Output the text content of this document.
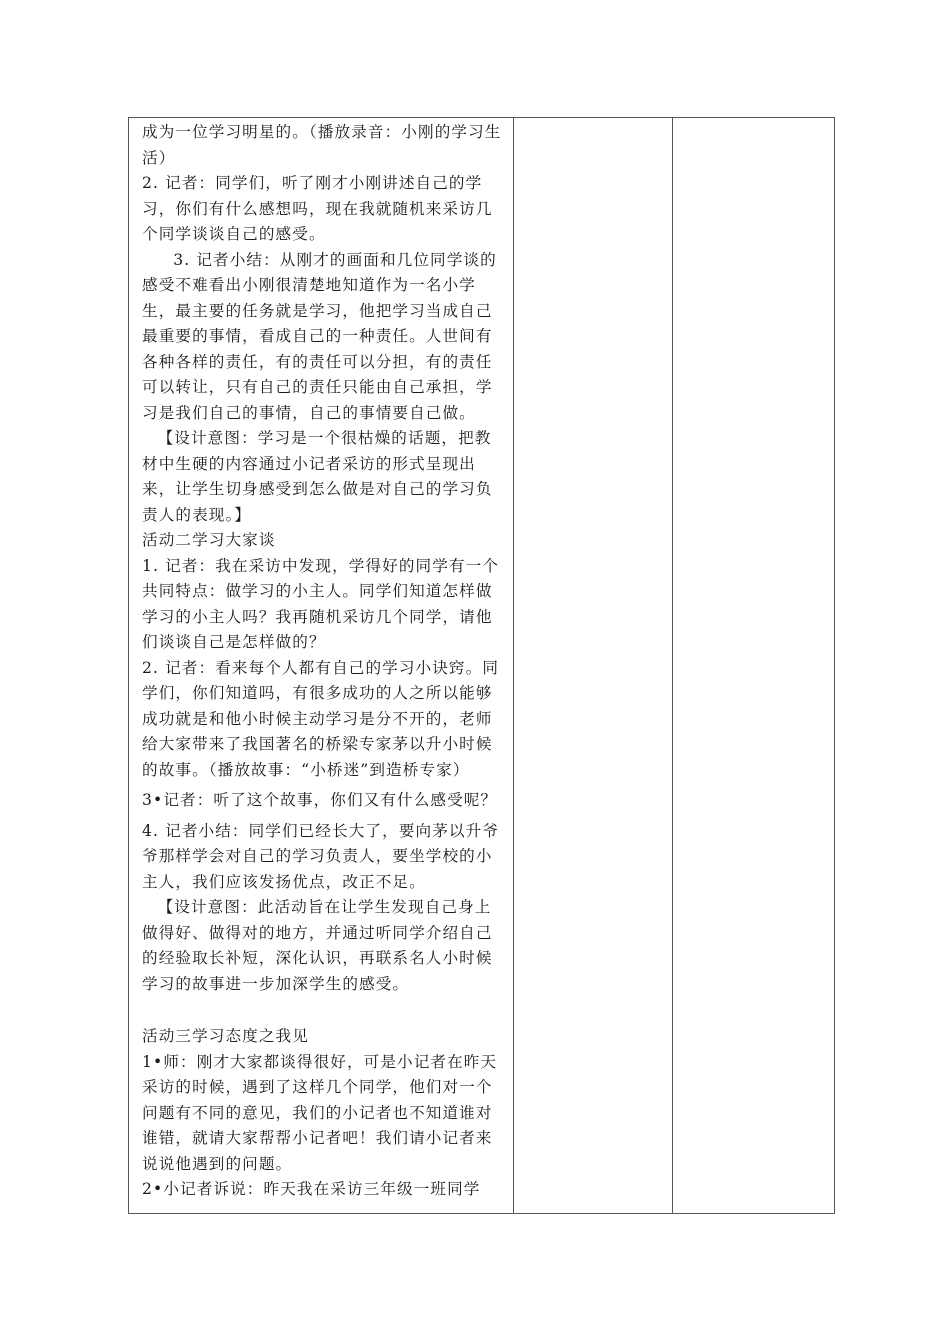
成为一位学习明星的。（播放录音：小刚的学习生活）

2. 记者：同学们，听了刚才小刚讲述自己的学习，你们有什么感想吗，现在我就随机来采访几个同学谈谈自己的感受。

3. 记者小结：从刚才的画面和几位同学谈的感受不难看出小刚很清楚地知道作为一名小学生，最主要的任务就是学习，他把学习当成自己最重要的事情，看成自己的一种责任。人世间有各种各样的责任，有的责任可以分担，有的责任可以转让，只有自己的责任只能由自己承担，学习是我们自己的事情，自己的事情要自己做。

【设计意图：学习是一个很枯燥的话题，把教材中生硬的内容通过小记者采访的形式呈现出来，让学生切身感受到怎么做是对自己的学习负责人的表现。】

活动二学习大家谈

1. 记者：我在采访中发现，学得好的同学有一个共同特点：做学习的小主人。同学们知道怎样做学习的小主人吗？我再随机采访几个同学，请他们谈谈自己是怎样做的？

2. 记者：看来每个人都有自己的学习小诀窍。同学们，你们知道吗，有很多成功的人之所以能够成功就是和他小时候主动学习是分不开的，老师给大家带来了我国著名的桥梁专家茅以升小时候的故事。（播放故事：“小桥迷”到造桥专家）

3•记者：听了这个故事，你们又有什么感受呢？

4. 记者小结：同学们已经长大了，要向茅以升爷爷那样学会对自己的学习负责人，要坐学校的小主人，我们应该发扬优点，改正不足。

【设计意图：此活动旨在让学生发现自己身上做得好、做得对的地方，并通过听同学介绍自己的经验取长补短，深化认识，再联系名人小时候学习的故事进一步加深学生的感受。

活动三学习态度之我见

1•师：刚才大家都谈得很好，可是小记者在昨天采访的时候，遇到了这样几个同学，他们对一个问题有不同的意见，我们的小记者也不知道谁对谁错，就请大家帮帮小记者吧！我们请小记者来说说他遇到的问题。

2•小记者诉说：昨天我在采访三年级一班同学
